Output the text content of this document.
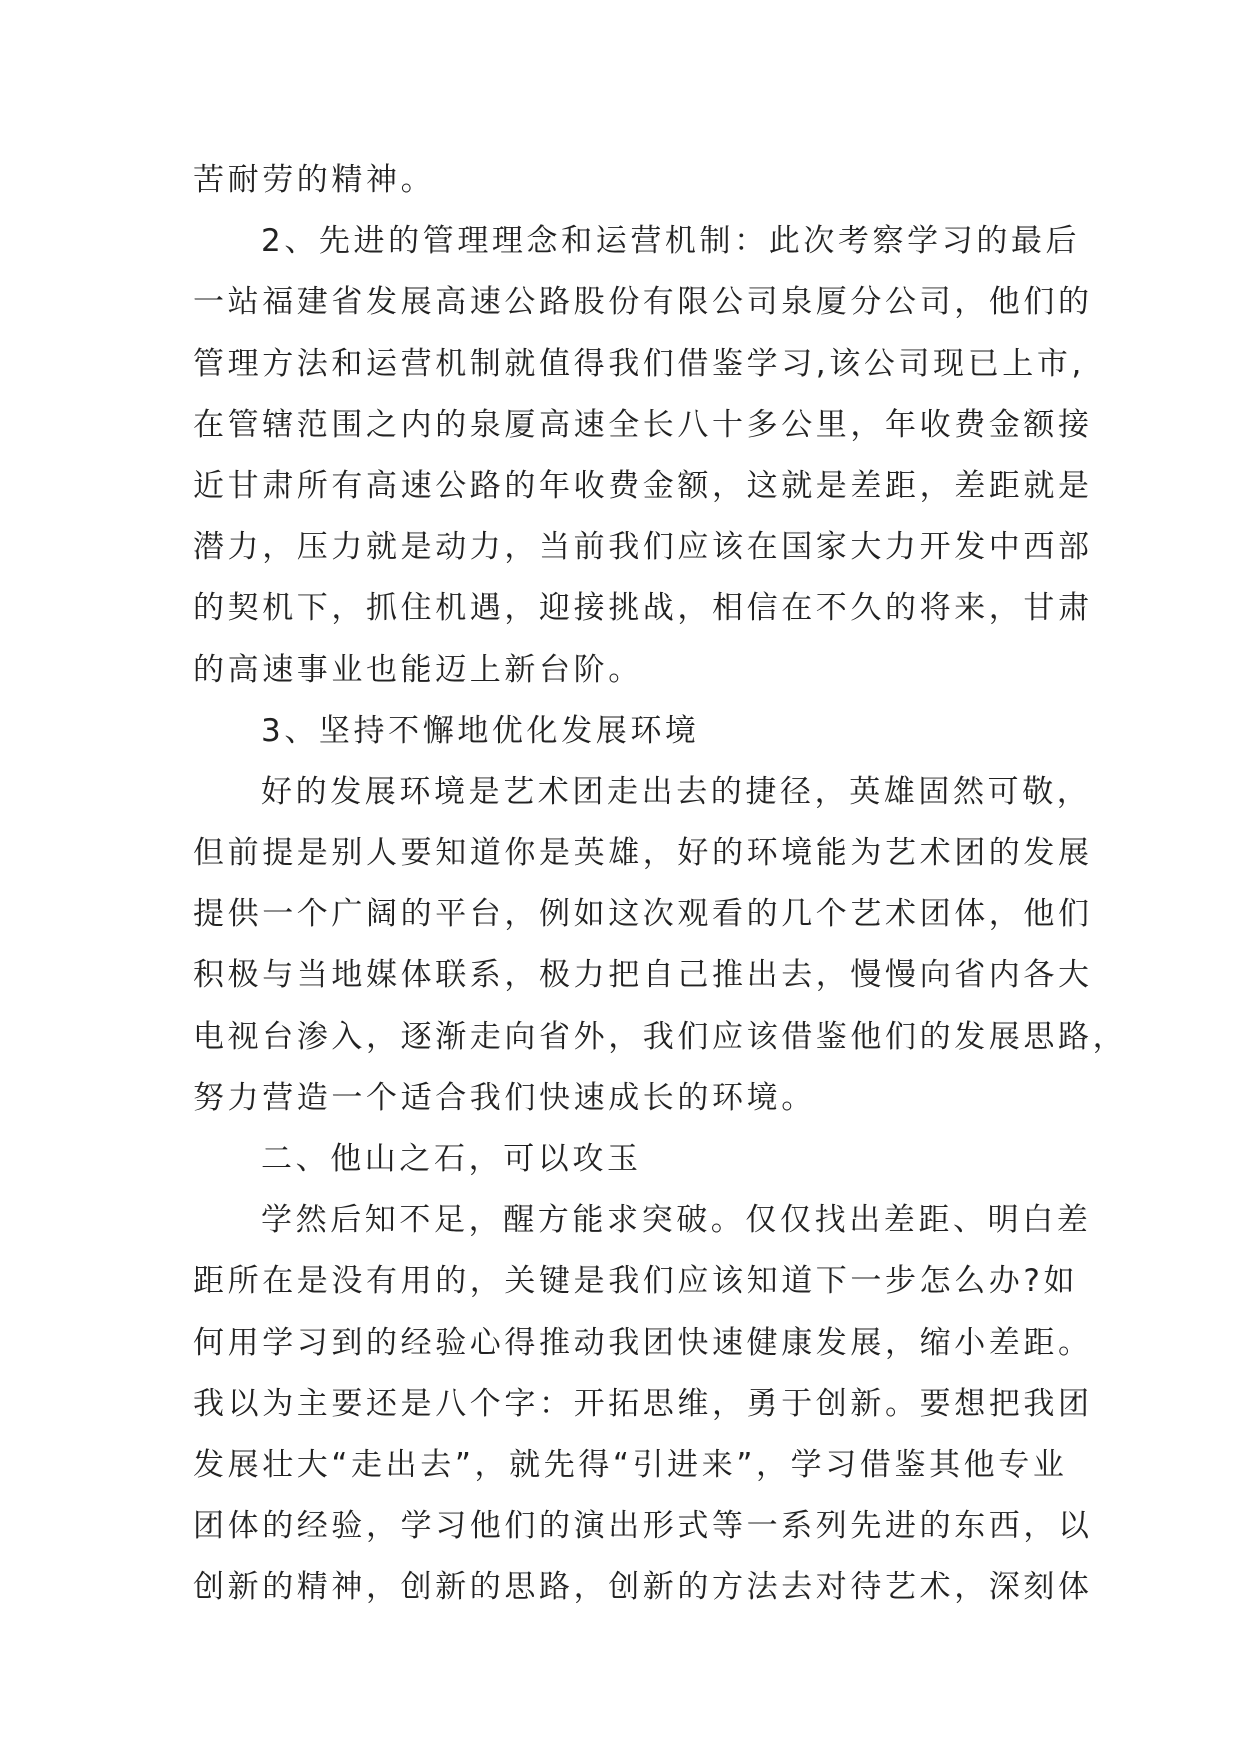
苦耐劳的精神。
2、先进的管理理念和运营机制：此次考察学习的最后
一站福建省发展高速公路股份有限公司泉厦分公司，他们的
管理方法和运营机制就值得我们借鉴学习,该公司现已上市,
在管辖范围之内的泉厦高速全长八十多公里，年收费金额接
近甘肃所有高速公路的年收费金额，这就是差距，差距就是
潜力，压力就是动力，当前我们应该在国家大力开发中西部
的契机下，抓住机遇，迎接挑战，相信在不久的将来，甘肃
的高速事业也能迈上新台阶。
3、坚持不懈地优化发展环境
好的发展环境是艺术团走出去的捷径，英雄固然可敬，
但前提是别人要知道你是英雄，好的环境能为艺术团的发展
提供一个广阔的平台，例如这次观看的几个艺术团体，他们
积极与当地媒体联系，极力把自己推出去，慢慢向省内各大
电视台渗入，逐渐走向省外，我们应该借鉴他们的发展思路，
努力营造一个适合我们快速成长的环境。
二、他山之石，可以攻玉
学然后知不足，醒方能求突破。仅仅找出差距、明白差
距所在是没有用的，关键是我们应该知道下一步怎么办?如
何用学习到的经验心得推动我团快速健康发展，缩小差距。
我以为主要还是八个字：开拓思维，勇于创新。要想把我团
发展壮大“走出去”，就先得“引进来”，学习借鉴其他专业
团体的经验，学习他们的演出形式等一系列先进的东西，以
创新的精神，创新的思路，创新的方法去对待艺术，深刻体
